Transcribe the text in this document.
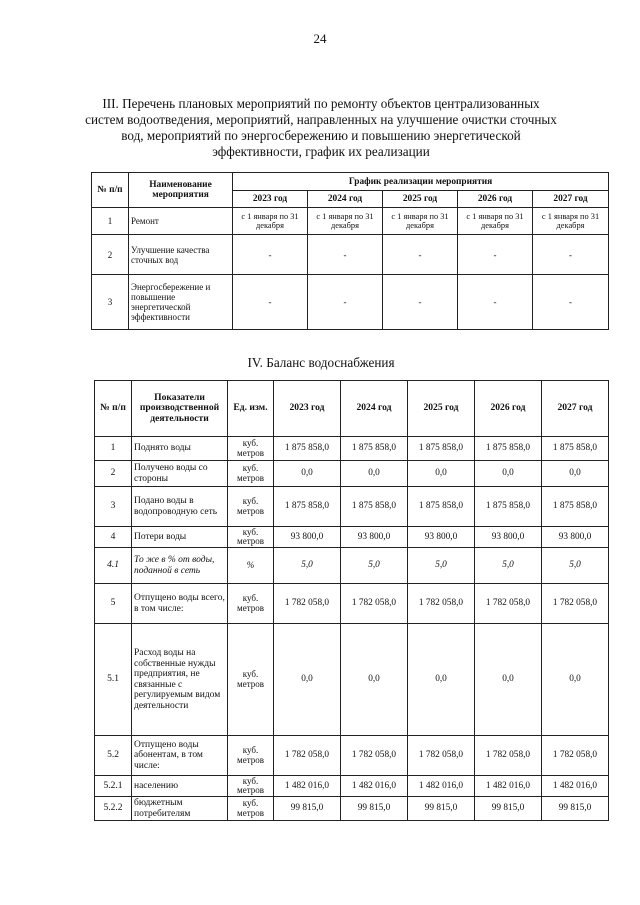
24
III. Перечень плановых мероприятий по ремонту объектов централизованных
систем водоотведения, мероприятий, направленных на улучшение очистки сточных
вод, мероприятий по энергосбережению и повышению энергетической
эффективности, график их реализации
№ п/п	Наименование мероприятия	График реализации мероприятия				
		2023 год	2024 год	2025 год	2026 год	2027 год
1	Ремонт	с 1 января по 31 декабря	с 1 января по 31 декабря	с 1 января по 31 декабря	с 1 января по 31 декабря	с 1 января по 31 декабря
2	Улучшение качества сточных вод	-	-	-	-	-
3	Энергосбережение и повышение энергетической эффективности	-	-	-	-	-
IV. Баланс водоснабжения
№ п/п	Показатели производственной деятельности	Ед. изм.	2023 год	2024 год	2025 год	2026 год	2027 год
1	Поднято воды	куб. метров	1 875 858,0	1 875 858,0	1 875 858,0	1 875 858,0	1 875 858,0
2	Получено воды со стороны	куб. метров	0,0	0,0	0,0	0,0	0,0
3	Подано воды в водопроводную сеть	куб. метров	1 875 858,0	1 875 858,0	1 875 858,0	1 875 858,0	1 875 858,0
4	Потери воды	куб. метров	93 800,0	93 800,0	93 800,0	93 800,0	93 800,0
4.1	То же в % от воды, поданной в сеть	%	5,0	5,0	5,0	5,0	5,0
5	Отпущено воды всего, в том числе:	куб. метров	1 782 058,0	1 782 058,0	1 782 058,0	1 782 058,0	1 782 058,0
5.1	Расход воды на собственные нужды предприятия, не связанные с регулируемым видом деятельности	куб. метров	0,0	0,0	0,0	0,0	0,0
5.2	Отпущено воды абонентам, в том числе:	куб. метров	1 782 058,0	1 782 058,0	1 782 058,0	1 782 058,0	1 782 058,0
5.2.1	населению	куб. метров	1 482 016,0	1 482 016,0	1 482 016,0	1 482 016,0	1 482 016,0
5.2.2	бюджетным потребителям	куб. метров	99 815,0	99 815,0	99 815,0	99 815,0	99 815,0
